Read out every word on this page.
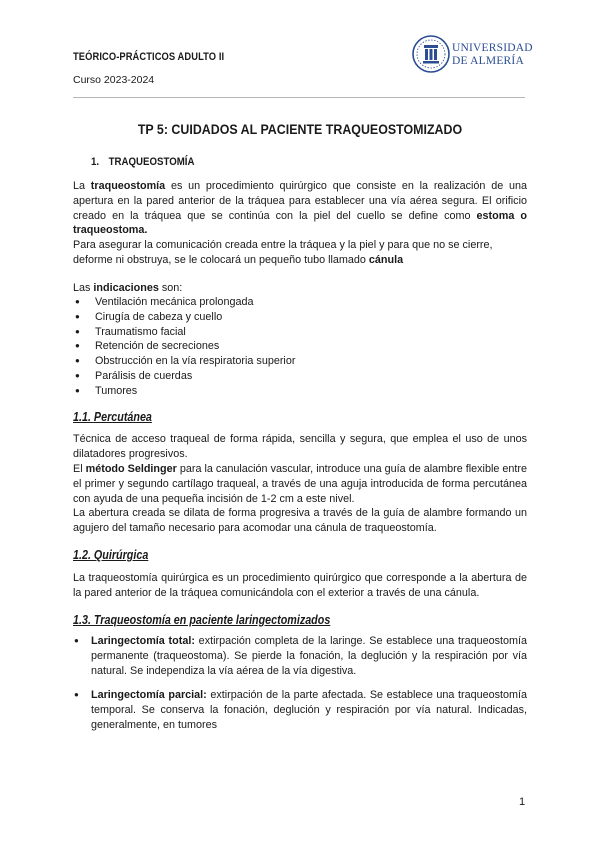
TEÓRICO-PRÁCTICOS ADULTO II
Curso 2023-2024
UNIVERSIDAD
DE ALMERÍA
TP 5: CUIDADOS AL PACIENTE TRAQUEOSTOMIZADO
1. TRAQUEOSTOMÍA

La traqueostomía es un procedimiento quirúrgico que consiste en la realización de una apertura en la pared anterior de la tráquea para establecer una vía aérea segura. El orificio creado en la tráquea que se continúa con la piel del cuello se define como estoma o traqueostoma.

Para asegurar la comunicación creada entre la tráquea y la piel y para que no se cierre, deforme ni obstruya, se le colocará un pequeño tubo llamado cánula

Las indicaciones son:

● Ventilación mecánica prolongada
● Cirugía de cabeza y cuello
● Traumatismo facial
● Retención de secreciones
● Obstrucción en la vía respiratoria superior
● Parálisis de cuerdas
● Tumores
1.1. Percutánea

Técnica de acceso traqueal de forma rápida, sencilla y segura, que emplea el uso de unos dilatadores progresivos.

El método Seldinger para la canulación vascular, introduce una guía de alambre flexible entre el primer y segundo cartílago traqueal, a través de una aguja introducida de forma percutánea con ayuda de una pequeña incisión de 1-2 cm a este nivel.

La abertura creada se dilata de forma progresiva a través de la guía de alambre formando un agujero del tamaño necesario para acomodar una cánula de traqueostomía.

1.2. Quirúrgica

La traqueostomía quirúrgica es un procedimiento quirúrgico que corresponde a la abertura de la pared anterior de la tráquea comunicándola con el exterior a través de una cánula.

1.3. Traqueostomía en paciente laringectomizados
● Laringectomía total: extirpación completa de la laringe. Se establece una traqueostomía permanente (traqueostoma). Se pierde la fonación, la deglución y la respiración por vía natural. Se independiza la vía aérea de la vía digestiva.
● Laringectomía parcial: extirpación de la parte afectada. Se establece una traqueostomía temporal. Se conserva la fonación, deglución y respiración por vía natural. Indicadas, generalmente, en tumores
1
